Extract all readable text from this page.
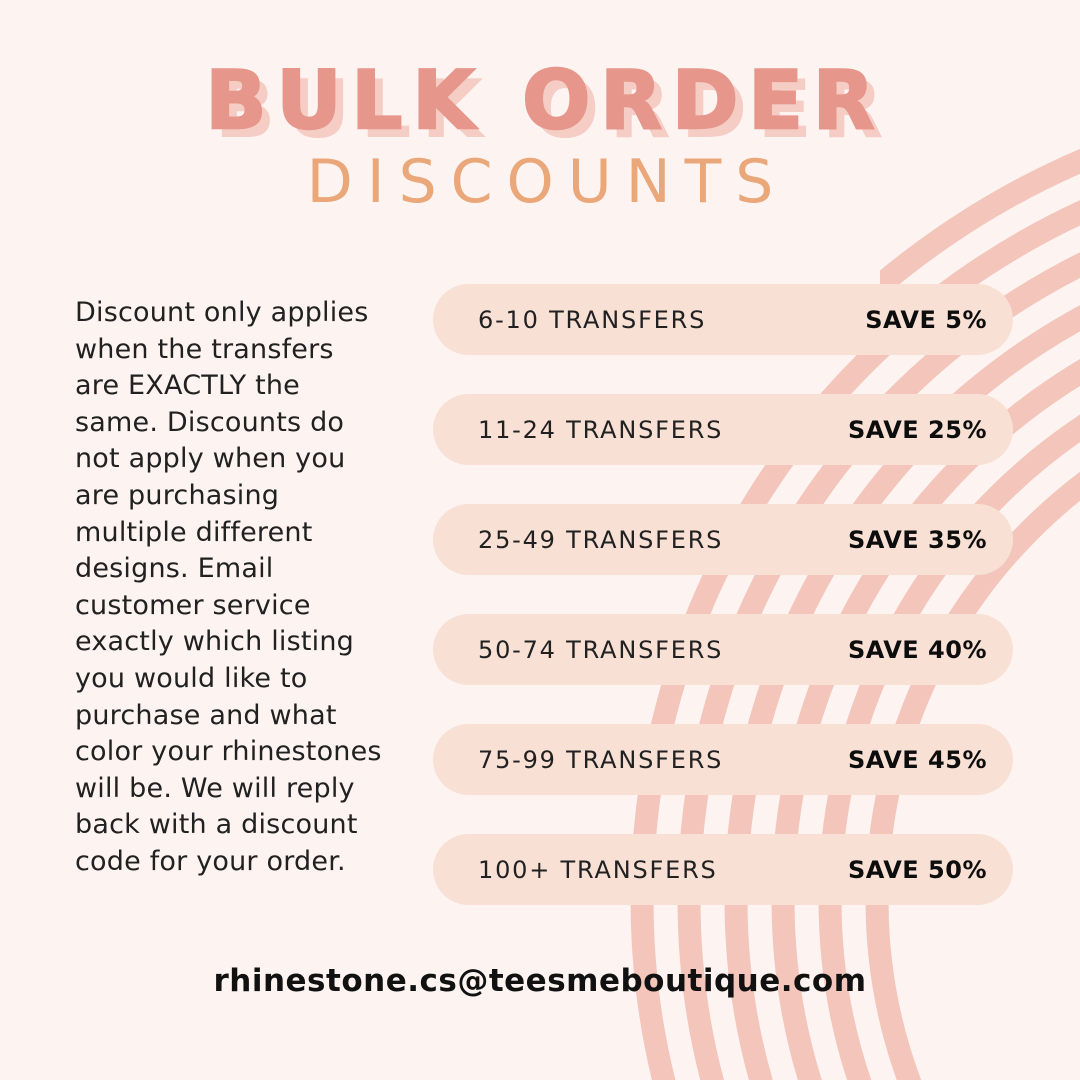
BULK ORDER
DISCOUNTS
Discount only applies
when the transfers
are EXACTLY the
same. Discounts do
not apply when you
are purchasing
multiple different
designs. Email
customer service
exactly which listing
you would like to
purchase and what
color your rhinestones
will be. We will reply
back with a discount
code for your order.
6-10 TRANSFERS	SAVE 5%
11-24 TRANSFERS	SAVE 25%
25-49 TRANSFERS	SAVE 35%
50-74 TRANSFERS	SAVE 40%
75-99 TRANSFERS	SAVE 45%
100+ TRANSFERS	SAVE 50%
rhinestone.cs@teesmeboutique.com
